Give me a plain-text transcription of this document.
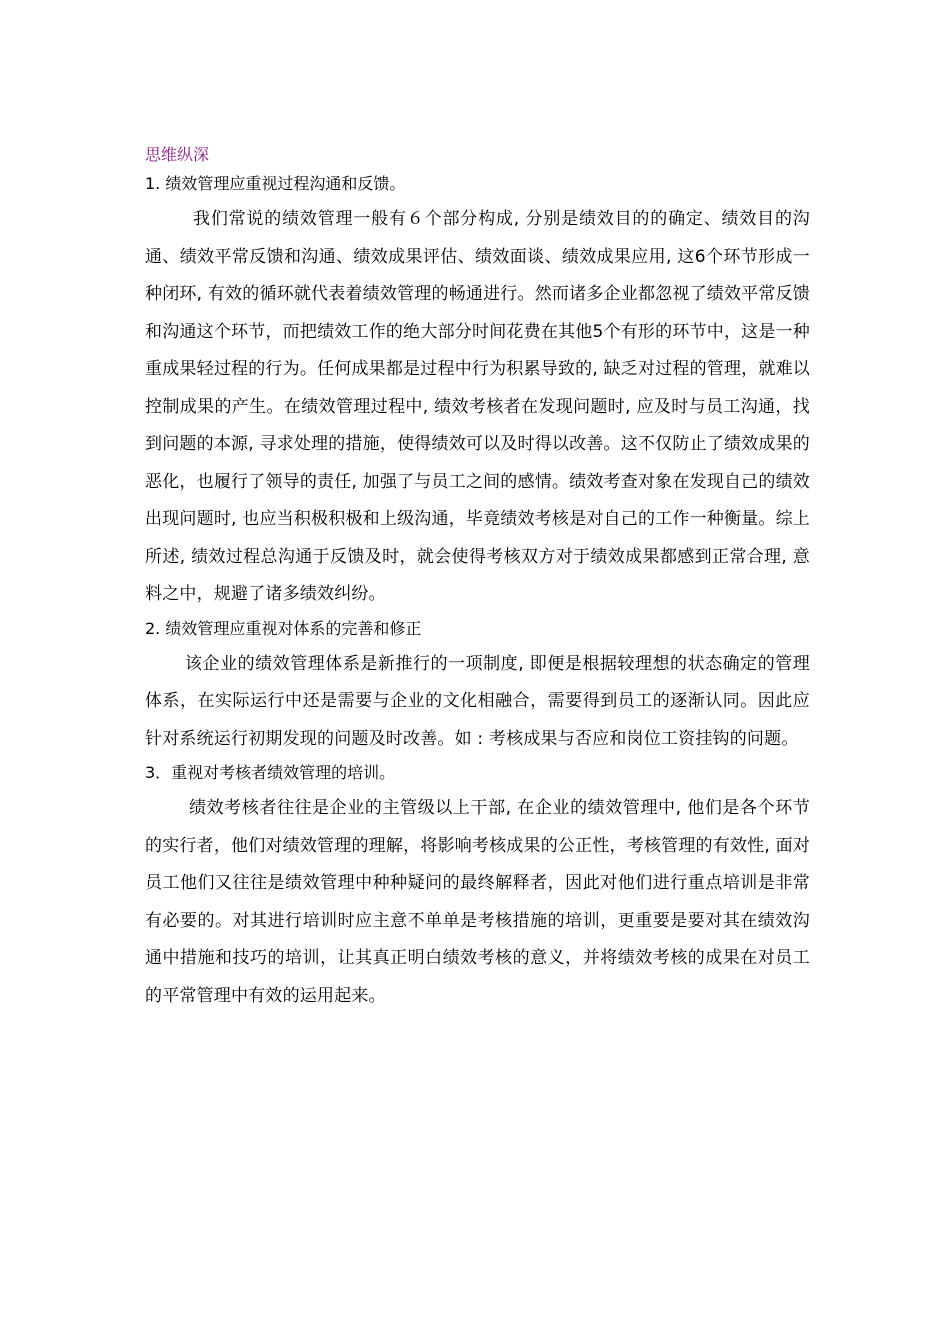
思维纵深

1. 绩效管理应重视过程沟通和反馈。

我们常说的绩效管理一般有６个部分构成, 分别是绩效目的的确定、绩效目的沟通、绩效平常反馈和沟通、绩效成果评估、绩效面谈、绩效成果应用, 这6个环节形成一种闭环, 有效的循环就代表着绩效管理的畅通进行。然而诸多企业都忽视了绩效平常反馈和沟通这个环节，而把绩效工作的绝大部分时间花费在其他5个有形的环节中，这是一种重成果轻过程的行为。任何成果都是过程中行为积累导致的, 缺乏对过程的管理，就难以控制成果的产生。在绩效管理过程中, 绩效考核者在发现问题时, 应及时与员工沟通，找到问题的本源, 寻求处理的措施，使得绩效可以及时得以改善。这不仅防止了绩效成果的恶化，也履行了领导的责任, 加强了与员工之间的感情。绩效考查对象在发现自己的绩效出现问题时, 也应当积极积极和上级沟通，毕竟绩效考核是对自己的工作一种衡量。综上所述, 绩效过程总沟通于反馈及时，就会使得考核双方对于绩效成果都感到正常合理, 意料之中，规避了诸多绩效纠纷。

2. 绩效管理应重视对体系的完善和修正

该企业的绩效管理体系是新推行的一项制度, 即便是根据较理想的状态确定的管理体系，在实际运行中还是需要与企业的文化相融合，需要得到员工的逐渐认同。因此应针对系统运行初期发现的问题及时改善。如 : 考核成果与否应和岗位工资挂钩的问题。

3．重视对考核者绩效管理的培训。

绩效考核者往往是企业的主管级以上干部, 在企业的绩效管理中, 他们是各个环节的实行者，他们对绩效管理的理解，将影响考核成果的公正性，考核管理的有效性, 面对员工他们又往往是绩效管理中种种疑问的最终解释者，因此对他们进行重点培训是非常有必要的。对其进行培训时应主意不单单是考核措施的培训，更重要是要对其在绩效沟通中措施和技巧的培训，让其真正明白绩效考核的意义，并将绩效考核的成果在对员工的平常管理中有效的运用起来。
